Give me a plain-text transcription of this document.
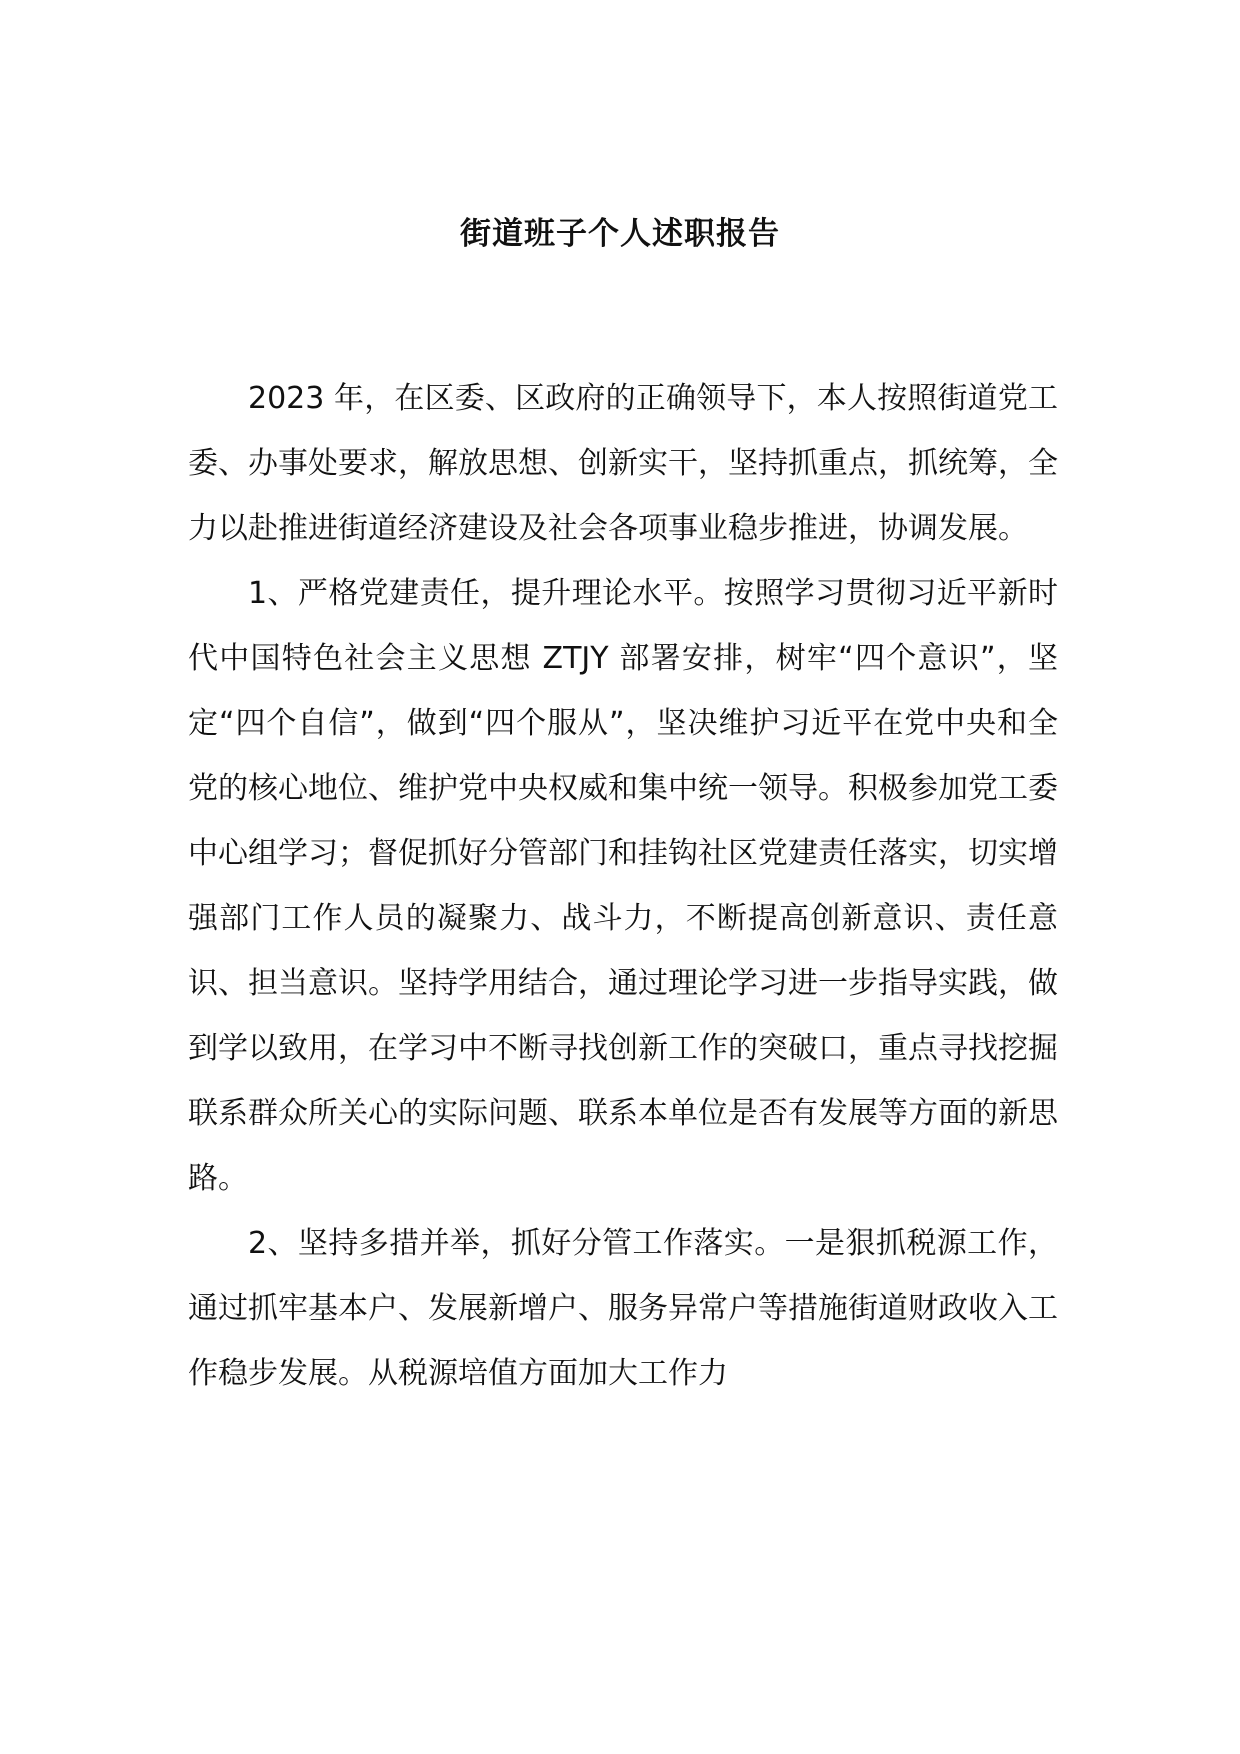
街道班子个人述职报告

2023 年，在区委、区政府的正确领导下，本人按照街道党工委、办事处要求，解放思想、创新实干，坚持抓重点，抓统筹，全力以赴推进街道经济建设及社会各项事业稳步推进，协调发展。

1、严格党建责任，提升理论水平。按照学习贯彻习近平新时代中国特色社会主义思想 ZTJY 部署安排，树牢“四个意识”，坚定“四个自信”，做到“四个服从”，坚决维护习近平在党中央和全党的核心地位、维护党中央权威和集中统一领导。积极参加党工委中心组学习；督促抓好分管部门和挂钩社区党建责任落实，切实增强部门工作人员的凝聚力、战斗力，不断提高创新意识、责任意识、担当意识。坚持学用结合，通过理论学习进一步指导实践，做到学以致用，在学习中不断寻找创新工作的突破口，重点寻找挖掘联系群众所关心的实际问题、联系本单位是否有发展等方面的新思路。

2、坚持多措并举，抓好分管工作落实。一是狠抓税源工作，通过抓牢基本户、发展新增户、服务异常户等措施街道财政收入工作稳步发展。从税源培值方面加大工作力
